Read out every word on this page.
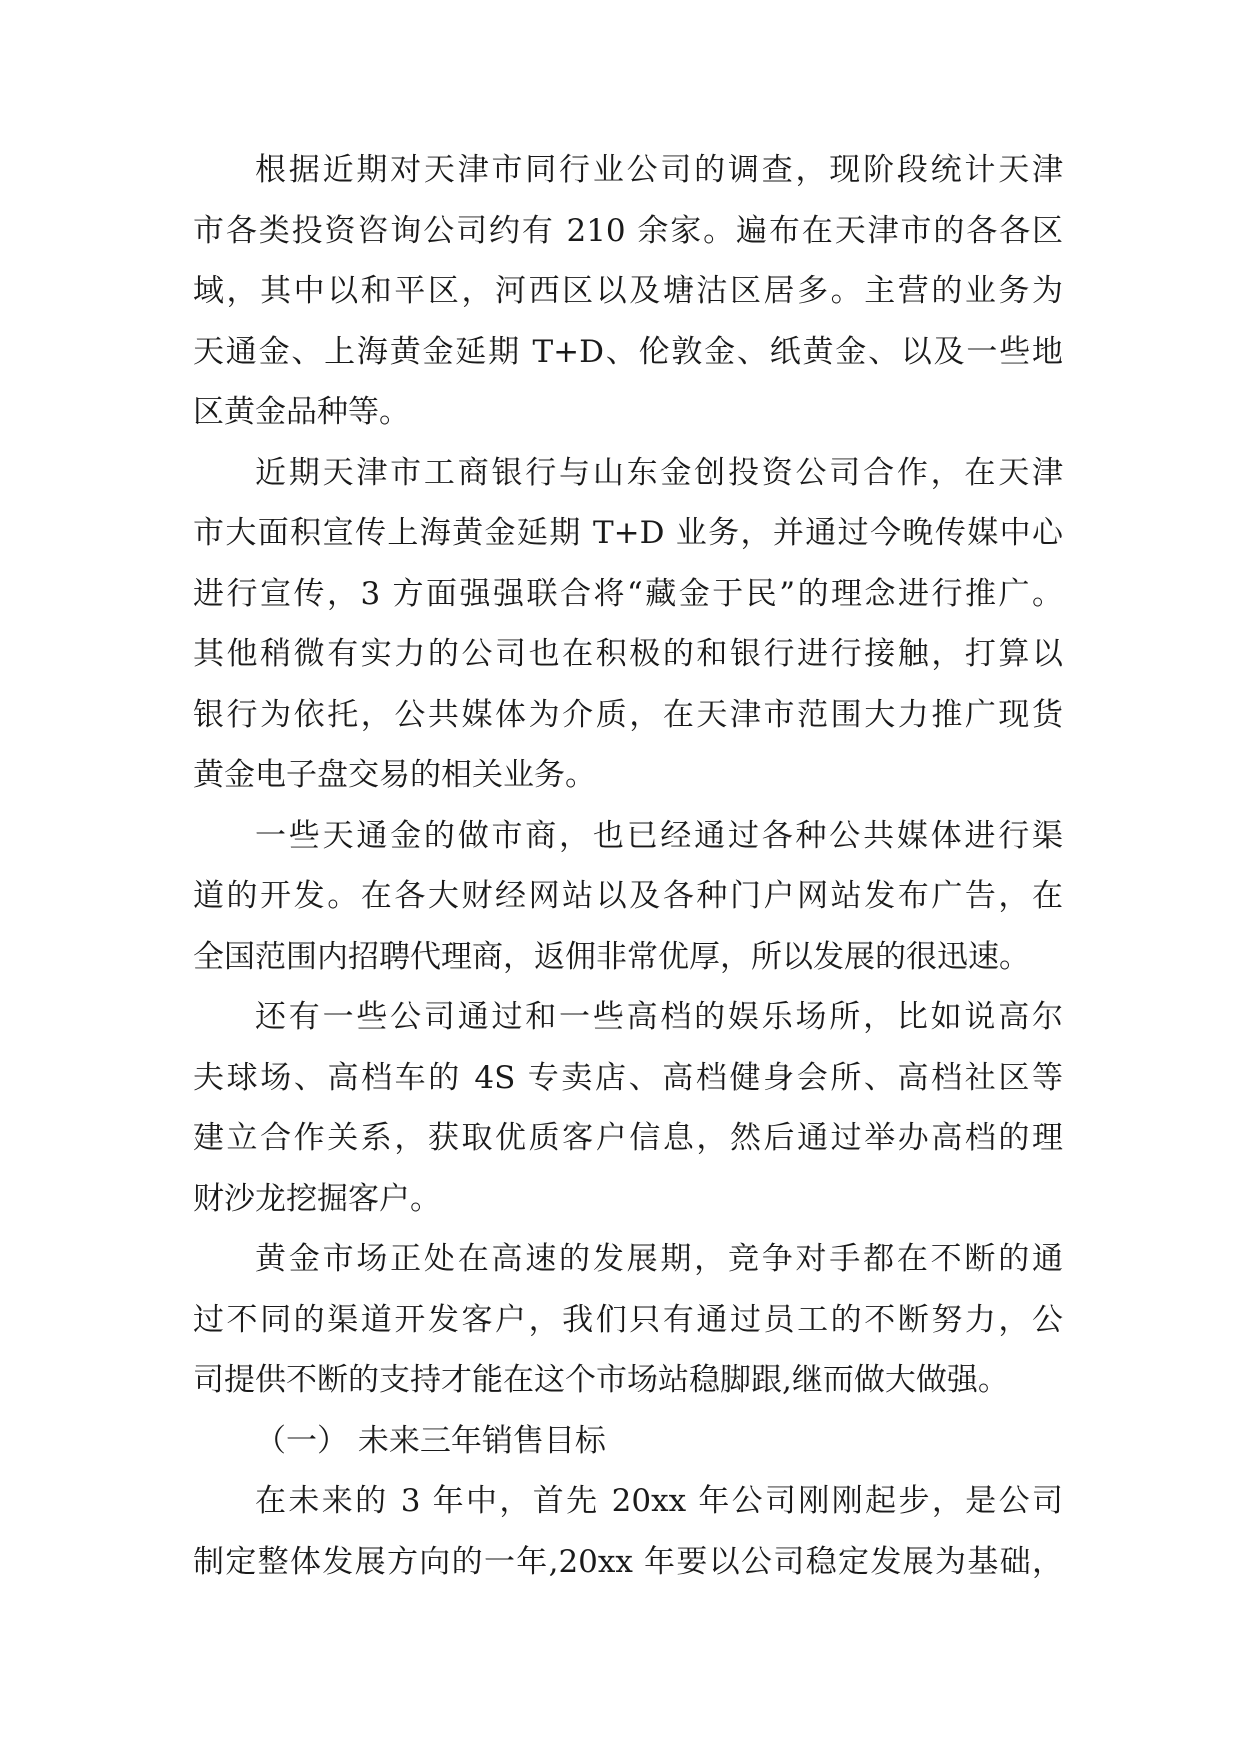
根据近期对天津市同行业公司的调查，现阶段统计天津
市各类投资咨询公司约有 210 余家。遍布在天津市的各各区
域，其中以和平区，河西区以及塘沽区居多。主营的业务为
天通金、上海黄金延期 T+D、伦敦金、纸黄金、以及一些地
区黄金品种等。
近期天津市工商银行与山东金创投资公司合作，在天津
市大面积宣传上海黄金延期 T+D 业务，并通过今晚传媒中心
进行宣传，3 方面强强联合将“藏金于民”的理念进行推广。
其他稍微有实力的公司也在积极的和银行进行接触，打算以
银行为依托，公共媒体为介质，在天津市范围大力推广现货
黄金电子盘交易的相关业务。
一些天通金的做市商，也已经通过各种公共媒体进行渠
道的开发。在各大财经网站以及各种门户网站发布广告，在
全国范围内招聘代理商，返佣非常优厚，所以发展的很迅速。
还有一些公司通过和一些高档的娱乐场所，比如说高尔
夫球场、高档车的 4S 专卖店、高档健身会所、高档社区等
建立合作关系，获取优质客户信息，然后通过举办高档的理
财沙龙挖掘客户。
黄金市场正处在高速的发展期，竞争对手都在不断的通
过不同的渠道开发客户，我们只有通过员工的不断努力，公
司提供不断的支持才能在这个市场站稳脚跟,继而做大做强。
（一） 未来三年销售目标
在未来的 3 年中，首先 20xx 年公司刚刚起步，是公司
制定整体发展方向的一年,20xx 年要以公司稳定发展为基础，
